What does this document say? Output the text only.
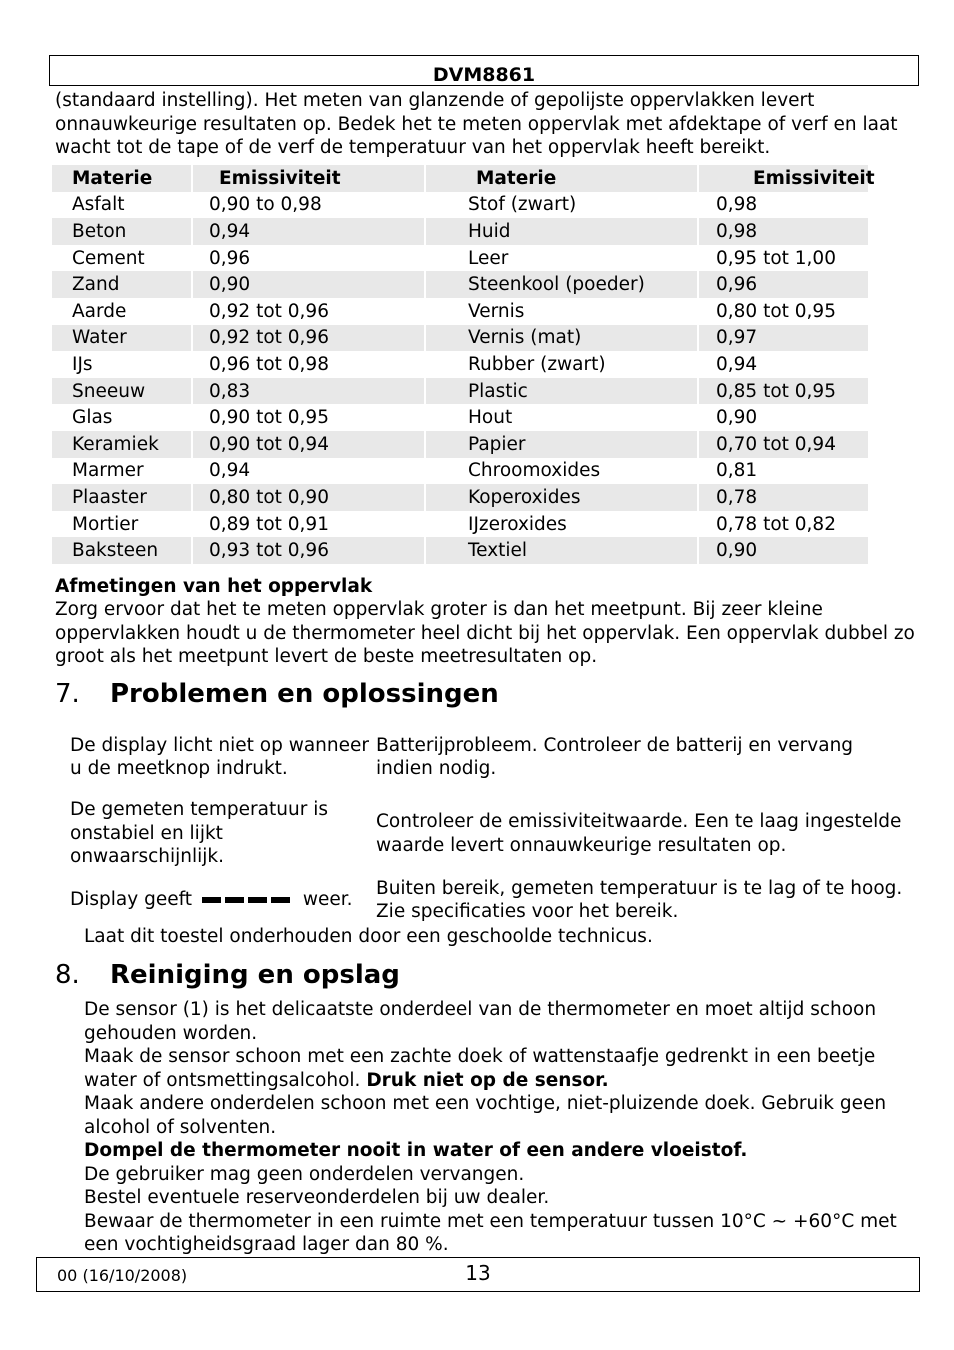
DVM8861

(standaard instelling). Het meten van glanzende of gepolijste oppervlakken levert onnauwkeurige resultaten op. Bedek het te meten oppervlak met afdektape of verf en laat wacht tot de tape of de verf de temperatuur van het oppervlak heeft bereikt.

Materie	Emissiviteit	Materie	Emissiviteit
Asfalt	0,90 to 0,98	Stof (zwart)	0,98
Beton	0,94	Huid	0,98
Cement	0,96	Leer	0,95 tot 1,00
Zand	0,90	Steenkool (poeder)	0,96
Aarde	0,92 tot 0,96	Vernis	0,80 tot 0,95
Water	0,92 tot 0,96	Vernis (mat)	0,97
IJs	0,96 tot 0,98	Rubber (zwart)	0,94
Sneeuw	0,83	Plastic	0,85 tot 0,95
Glas	0,90 tot 0,95	Hout	0,90
Keramiek	0,90 tot 0,94	Papier	0,70 tot 0,94
Marmer	0,94	Chroomoxides	0,81
Plaaster	0,80 tot 0,90	Koperoxides	0,78
Mortier	0,89 tot 0,91	IJzeroxides	0,78 tot 0,82
Baksteen	0,93 tot 0,96	Textiel	0,90
Afmetingen van het oppervlak

Zorg ervoor dat het te meten oppervlak groter is dan het meetpunt. Bij zeer kleine oppervlakken houdt u de thermometer heel dicht bij het oppervlak. Een oppervlak dubbel zo groot als het meetpunt levert de beste meetresultaten op.

7. Problemen en oplossingen
De display licht niet op wanneer u de meetknop indrukt.	Batterijprobleem. Controleer de batterij en vervang indien nodig.
De gemeten temperatuur is onstabiel en lijkt onwaarschijnlijk.	Controleer de emissiviteitwaarde. Een te laag ingestelde waarde levert onnauwkeurige resultaten op.
Display geeft weer.	Buiten bereik, gemeten temperatuur is te lag of te hoog. Zie specificaties voor het bereik.
Laat dit toestel onderhouden door een geschoolde technicus.
8. Reiniging en opslag
De sensor (1) is het delicaatste onderdeel van de thermometer en moet altijd schoon gehouden worden.
Maak de sensor schoon met een zachte doek of wattenstaafje gedrenkt in een beetje water of ontsmettingsalcohol. Druk niet op de sensor.
Maak andere onderdelen schoon met een vochtige, niet-pluizende doek. Gebruik geen alcohol of solventen.
Dompel de thermometer nooit in water of een andere vloeistof.
De gebruiker mag geen onderdelen vervangen.
Bestel eventuele reserveonderdelen bij uw dealer.
Bewaar de thermometer in een ruimte met een temperatuur tussen 10°C ~ +60°C met een vochtigheidsgraad lager dan 80 %.
00 (16/10/2008)	13
